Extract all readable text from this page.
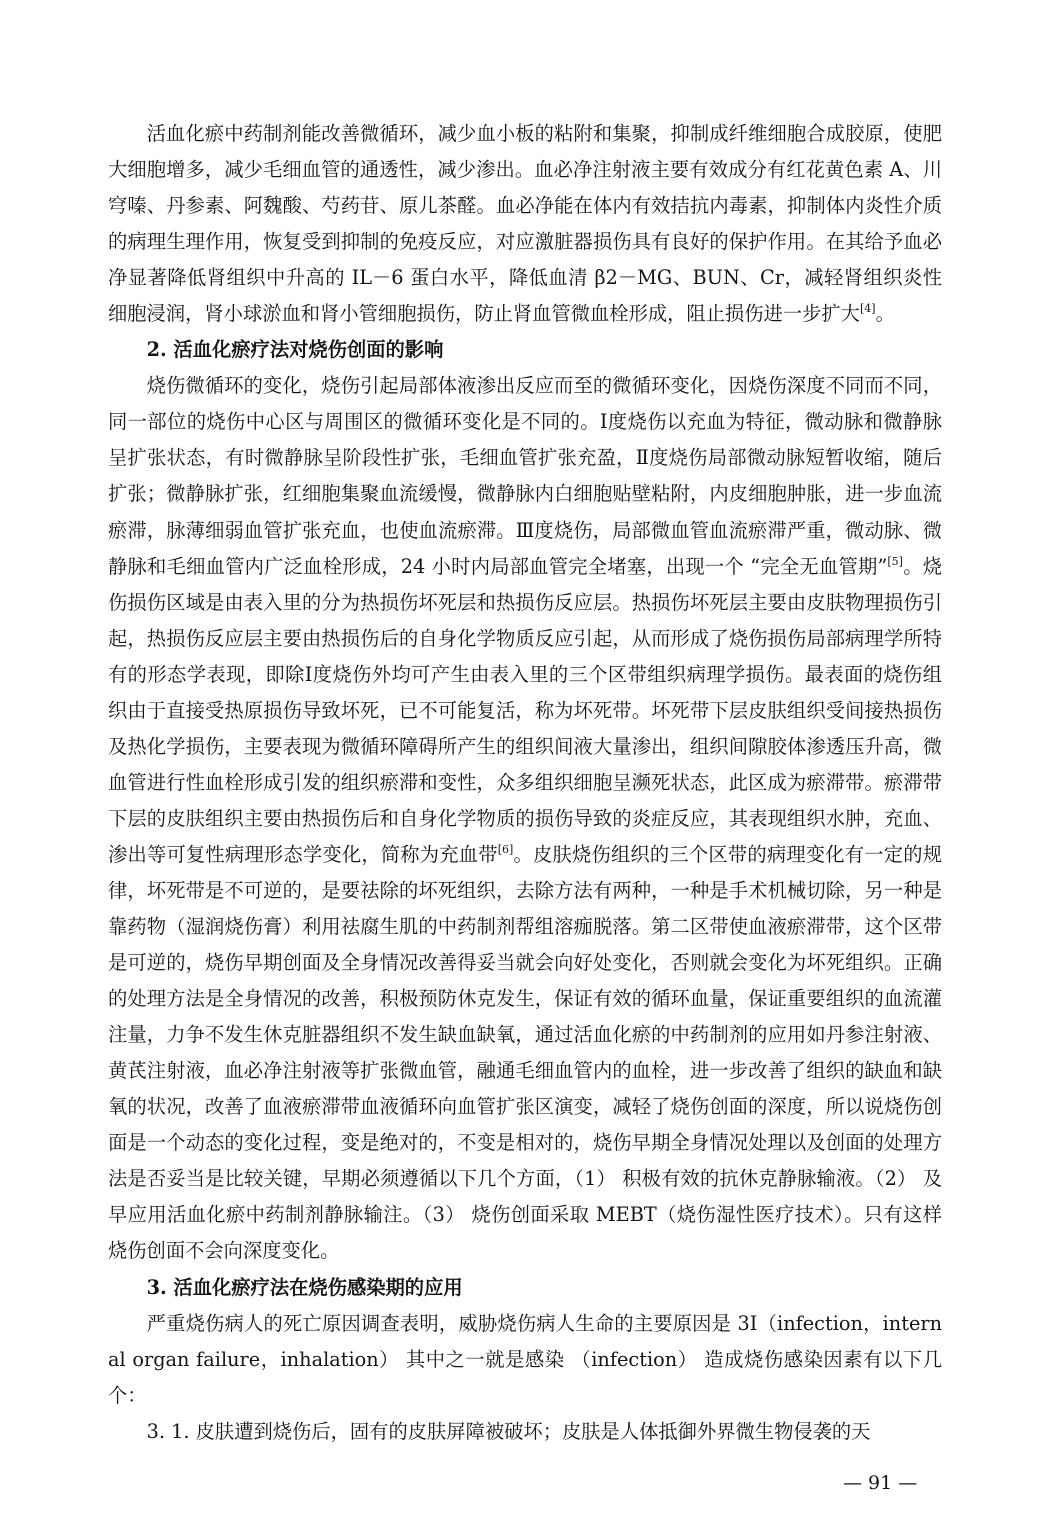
活血化瘀中药制剂能改善微循环，减少血小板的粘附和集聚，抑制成纤维细胞合成胶原，使肥大细胞增多，减少毛细血管的通透性，减少渗出。血必净注射液主要有效成分有红花黄色素 A、川穹嗪、丹参素、阿魏酸、芍药苷、原儿茶醛。血必净能在体内有效拮抗内毒素，抑制体内炎性介质的病理生理作用，恢复受到抑制的免疫反应，对应激脏器损伤具有良好的保护作用。在其给予血必净显著降低肾组织中升高的 IL－6 蛋白水平，降低血清 β2－MG、BUN、Cr，减轻肾组织炎性细胞浸润，肾小球淤血和肾小管细胞损伤，防止肾血管微血栓形成，阻止损伤进一步扩大[4]。

2. 活血化瘀疗法对烧伤创面的影响

烧伤微循环的变化，烧伤引起局部体液渗出反应而至的微循环变化，因烧伤深度不同而不同，同一部位的烧伤中心区与周围区的微循环变化是不同的。Ⅰ度烧伤以充血为特征，微动脉和微静脉呈扩张状态，有时微静脉呈阶段性扩张，毛细血管扩张充盈，Ⅱ度烧伤局部微动脉短暂收缩，随后扩张；微静脉扩张，红细胞集聚血流缓慢，微静脉内白细胞贴壁粘附，内皮细胞肿胀，进一步血流瘀滞，脉薄细弱血管扩张充血，也使血流瘀滞。Ⅲ度烧伤，局部微血管血流瘀滞严重，微动脉、微静脉和毛细血管内广泛血栓形成，24 小时内局部血管完全堵塞，出现一个 “完全无血管期”[5]。烧伤损伤区域是由表入里的分为热损伤坏死层和热损伤反应层。热损伤坏死层主要由皮肤物理损伤引起，热损伤反应层主要由热损伤后的自身化学物质反应引起，从而形成了烧伤损伤局部病理学所特有的形态学表现，即除Ⅰ度烧伤外均可产生由表入里的三个区带组织病理学损伤。最表面的烧伤组织由于直接受热原损伤导致坏死，已不可能复活，称为坏死带。坏死带下层皮肤组织受间接热损伤及热化学损伤，主要表现为微循环障碍所产生的组织间液大量渗出，组织间隙胶体渗透压升高，微血管进行性血栓形成引发的组织瘀滞和变性，众多组织细胞呈濒死状态，此区成为瘀滞带。瘀滞带下层的皮肤组织主要由热损伤后和自身化学物质的损伤导致的炎症反应，其表现组织水肿，充血、渗出等可复性病理形态学变化，简称为充血带[6]。皮肤烧伤组织的三个区带的病理变化有一定的规律，坏死带是不可逆的，是要祛除的坏死组织，去除方法有两种，一种是手术机械切除，另一种是靠药物（湿润烧伤膏）利用祛腐生肌的中药制剂帮组溶痂脱落。第二区带使血液瘀滞带，这个区带是可逆的，烧伤早期创面及全身情况改善得妥当就会向好处变化，否则就会变化为坏死组织。正确的处理方法是全身情况的改善，积极预防休克发生，保证有效的循环血量，保证重要组织的血流灌注量，力争不发生休克脏器组织不发生缺血缺氧，通过活血化瘀的中药制剂的应用如丹参注射液、黄芪注射液，血必净注射液等扩张微血管，融通毛细血管内的血栓，进一步改善了组织的缺血和缺氧的状况，改善了血液瘀滞带血液循环向血管扩张区演变，减轻了烧伤创面的深度，所以说烧伤创面是一个动态的变化过程，变是绝对的，不变是相对的，烧伤早期全身情况处理以及创面的处理方法是否妥当是比较关键，早期必须遵循以下几个方面，（1） 积极有效的抗休克静脉输液。（2） 及早应用活血化瘀中药制剂静脉输注。（3） 烧伤创面采取 MEBT（烧伤湿性医疗技术）。只有这样烧伤创面不会向深度变化。

3. 活血化瘀疗法在烧伤感染期的应用

严重烧伤病人的死亡原因调查表明，威胁烧伤病人生命的主要原因是 3I（infection，internal organ failure，inhalation） 其中之一就是感染 （infection） 造成烧伤感染因素有以下几个：

3. 1. 皮肤遭到烧伤后，固有的皮肤屏障被破坏；皮肤是人体抵御外界微生物侵袭的天

— 91 —
